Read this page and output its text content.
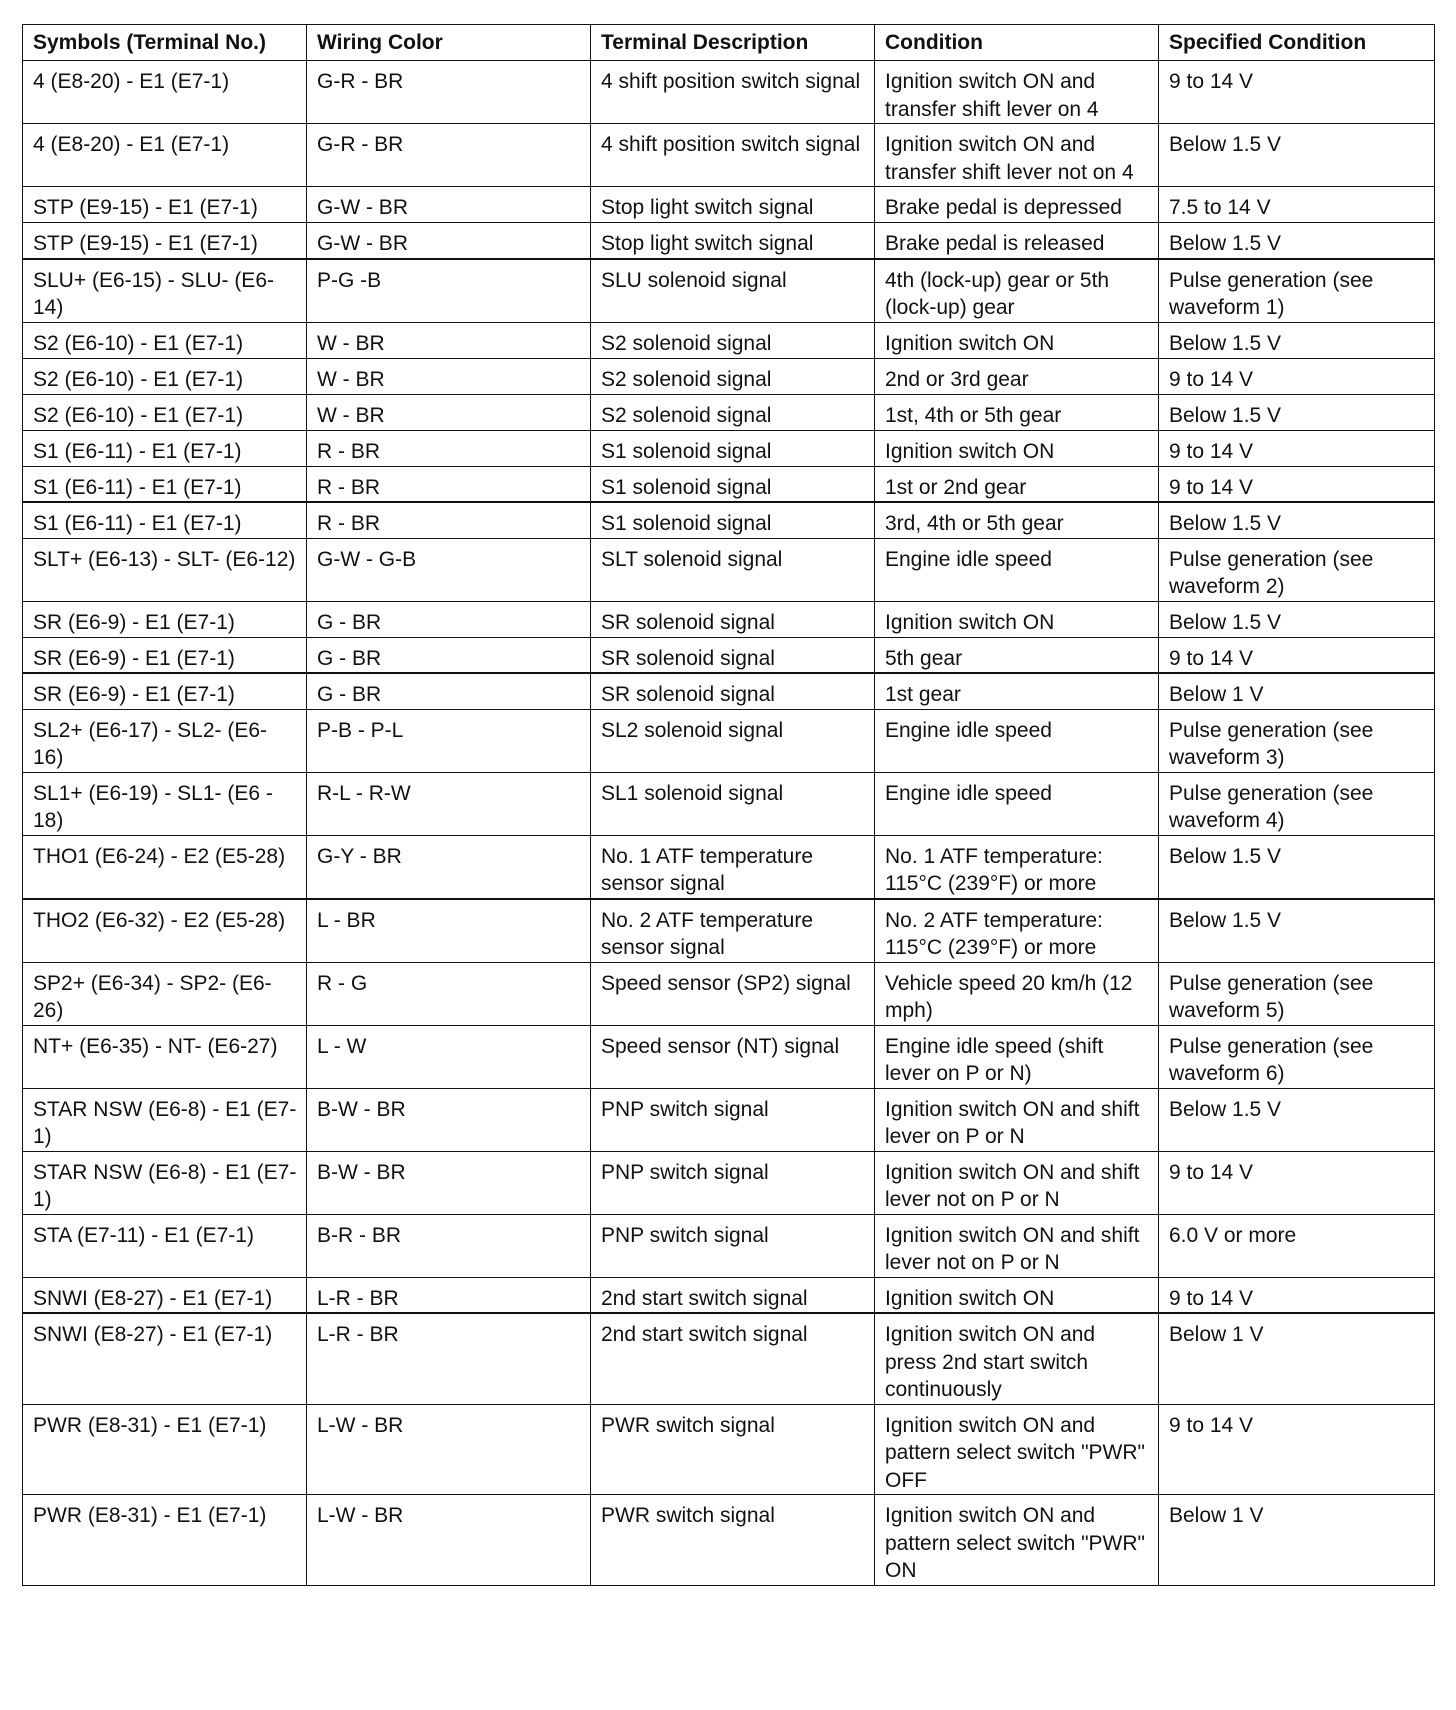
Symbols (Terminal No.)	Wiring Color	Terminal Description	Condition	Specified Condition
4 (E8-20) - E1 (E7-1)	G-R - BR	4 shift position switch signal	Ignition switch ON and transfer shift lever on 4	9 to 14 V
4 (E8-20) - E1 (E7-1)	G-R - BR	4 shift position switch signal	Ignition switch ON and transfer shift lever not on 4	Below 1.5 V
STP (E9-15) - E1 (E7-1)	G-W - BR	Stop light switch signal	Brake pedal is depressed	7.5 to 14 V
STP (E9-15) - E1 (E7-1)	G-W - BR	Stop light switch signal	Brake pedal is released	Below 1.5 V
SLU+ (E6-15) - SLU- (E6-14)	P-G -B	SLU solenoid signal	4th (lock-up) gear or 5th (lock-up) gear	Pulse generation (see waveform 1)
S2 (E6-10) - E1 (E7-1)	W - BR	S2 solenoid signal	Ignition switch ON	Below 1.5 V
S2 (E6-10) - E1 (E7-1)	W - BR	S2 solenoid signal	2nd or 3rd gear	9 to 14 V
S2 (E6-10) - E1 (E7-1)	W - BR	S2 solenoid signal	1st, 4th or 5th gear	Below 1.5 V
S1 (E6-11) - E1 (E7-1)	R - BR	S1 solenoid signal	Ignition switch ON	9 to 14 V
S1 (E6-11) - E1 (E7-1)	R - BR	S1 solenoid signal	1st or 2nd gear	9 to 14 V
S1 (E6-11) - E1 (E7-1)	R - BR	S1 solenoid signal	3rd, 4th or 5th gear	Below 1.5 V
SLT+ (E6-13) - SLT- (E6-12)	G-W - G-B	SLT solenoid signal	Engine idle speed	Pulse generation (see waveform 2)
SR (E6-9) - E1 (E7-1)	G - BR	SR solenoid signal	Ignition switch ON	Below 1.5 V
SR (E6-9) - E1 (E7-1)	G - BR	SR solenoid signal	5th gear	9 to 14 V
SR (E6-9) - E1 (E7-1)	G - BR	SR solenoid signal	1st gear	Below 1 V
SL2+ (E6-17) - SL2- (E6-16)	P-B - P-L	SL2 solenoid signal	Engine idle speed	Pulse generation (see waveform 3)
SL1+ (E6-19) - SL1- (E6 - 18)	R-L - R-W	SL1 solenoid signal	Engine idle speed	Pulse generation (see waveform 4)
THO1 (E6-24) - E2 (E5-28)	G-Y - BR	No. 1 ATF temperature sensor signal	No. 1 ATF temperature: 115°C (239°F) or more	Below 1.5 V
THO2 (E6-32) - E2 (E5-28)	L - BR	No. 2 ATF temperature sensor signal	No. 2 ATF temperature: 115°C (239°F) or more	Below 1.5 V
SP2+ (E6-34) - SP2- (E6-26)	R - G	Speed sensor (SP2) signal	Vehicle speed 20 km/h (12 mph)	Pulse generation (see waveform 5)
NT+ (E6-35) - NT- (E6-27)	L - W	Speed sensor (NT) signal	Engine idle speed (shift lever on P or N)	Pulse generation (see waveform 6)
STAR NSW (E6-8) - E1 (E7-1)	B-W - BR	PNP switch signal	Ignition switch ON and shift lever on P or N	Below 1.5 V
STAR NSW (E6-8) - E1 (E7-1)	B-W - BR	PNP switch signal	Ignition switch ON and shift lever not on P or N	9 to 14 V
STA (E7-11) - E1 (E7-1)	B-R - BR	PNP switch signal	Ignition switch ON and shift lever not on P or N	6.0 V or more
SNWI (E8-27) - E1 (E7-1)	L-R - BR	2nd start switch signal	Ignition switch ON	9 to 14 V
SNWI (E8-27) - E1 (E7-1)	L-R - BR	2nd start switch signal	Ignition switch ON and press 2nd start switch continuously	Below 1 V
PWR (E8-31) - E1 (E7-1)	L-W - BR	PWR switch signal	Ignition switch ON and pattern select switch "PWR" OFF	9 to 14 V
PWR (E8-31) - E1 (E7-1)	L-W - BR	PWR switch signal	Ignition switch ON and pattern select switch "PWR" ON	Below 1 V
